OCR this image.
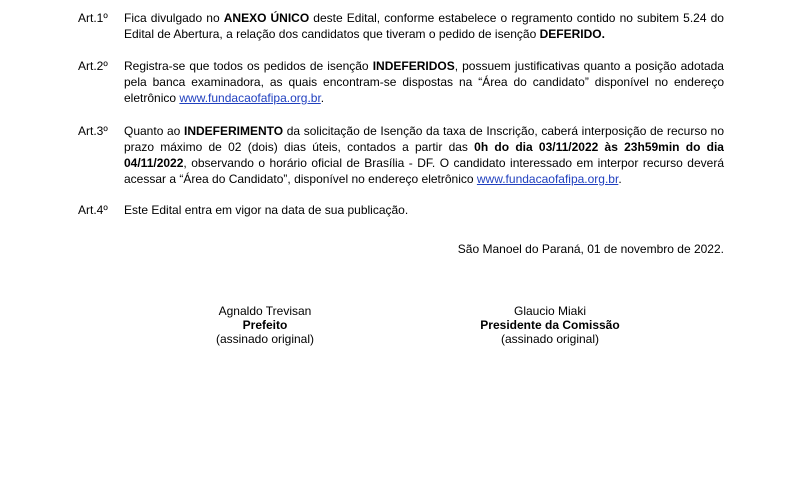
Art.1º	Fica divulgado no ANEXO ÚNICO deste Edital, conforme estabelece o regramento contido no subitem 5.24 do Edital de Abertura, a relação dos candidatos que tiveram o pedido de isenção DEFERIDO.
Art.2º	Registra-se que todos os pedidos de isenção INDEFERIDOS, possuem justificativas quanto a posição adotada pela banca examinadora, as quais encontram-se dispostas na “Área do candidato” disponível no endereço eletrônico www.fundacaofafipa.org.br.
Art.3º	Quanto ao INDEFERIMENTO da solicitação de Isenção da taxa de Inscrição, caberá interposição de recurso no prazo máximo de 02 (dois) dias úteis, contados a partir das 0h do dia 03/11/2022 às 23h59min do dia 04/11/2022, observando o horário oficial de Brasília - DF. O candidato interessado em interpor recurso deverá acessar a “Área do Candidato”, disponível no endereço eletrônico www.fundacaofafipa.org.br.
Art.4º	Este Edital entra em vigor na data de sua publicação.
São Manoel do Paraná, 01 de novembro de 2022.
Agnaldo Trevisan
Prefeito
(assinado original)
Glaucio Miaki
Presidente da Comissão
(assinado original)
